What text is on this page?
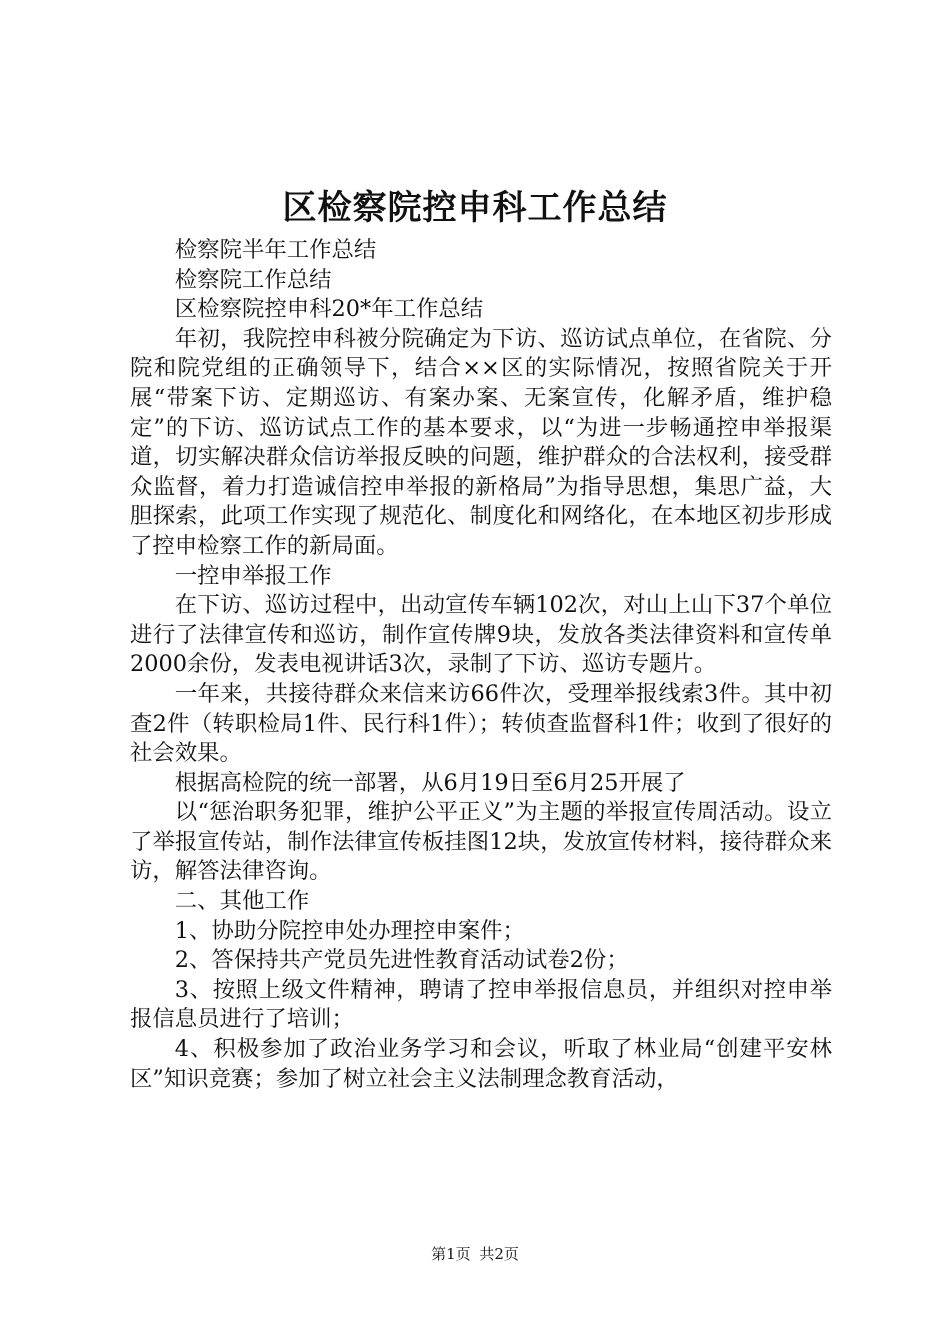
区检察院控申科工作总结

检察院半年工作总结

检察院工作总结

区检察院控申科20*年工作总结

年初，我院控申科被分院确定为下访、巡访试点单位，在省院、分院和院党组的正确领导下，结合××区的实际情况，按照省院关于开展“带案下访、定期巡访、有案办案、无案宣传，化解矛盾，维护稳定”的下访、巡访试点工作的基本要求，以“为进一步畅通控申举报渠道，切实解决群众信访举报反映的问题，维护群众的合法权利，接受群众监督，着力打造诚信控申举报的新格局”为指导思想，集思广益，大胆探索，此项工作实现了规范化、制度化和网络化，在本地区初步形成了控申检察工作的新局面。

一控申举报工作

在下访、巡访过程中，出动宣传车辆102次，对山上山下37个单位进行了法律宣传和巡访，制作宣传牌9块，发放各类法律资料和宣传单2000余份，发表电视讲话3次，录制了下访、巡访专题片。

一年来，共接待群众来信来访66件次，受理举报线索3件。其中初查2件（转职检局1件、民行科1件）；转侦查监督科1件；收到了很好的社会效果。

根据高检院的统一部署，从6月19日至6月25开展了

以“惩治职务犯罪，维护公平正义”为主题的举报宣传周活动。设立了举报宣传站，制作法律宣传板挂图12块，发放宣传材料，接待群众来访，解答法律咨询。

二、其他工作

1、协助分院控申处办理控申案件；

2、答保持共产党员先进性教育活动试卷2份；

3、按照上级文件精神，聘请了控申举报信息员，并组织对控申举报信息员进行了培训；

4、积极参加了政治业务学习和会议，听取了林业局“创建平安林区”知识竞赛；参加了树立社会主义法制理念教育活动，

第1页 共2页
